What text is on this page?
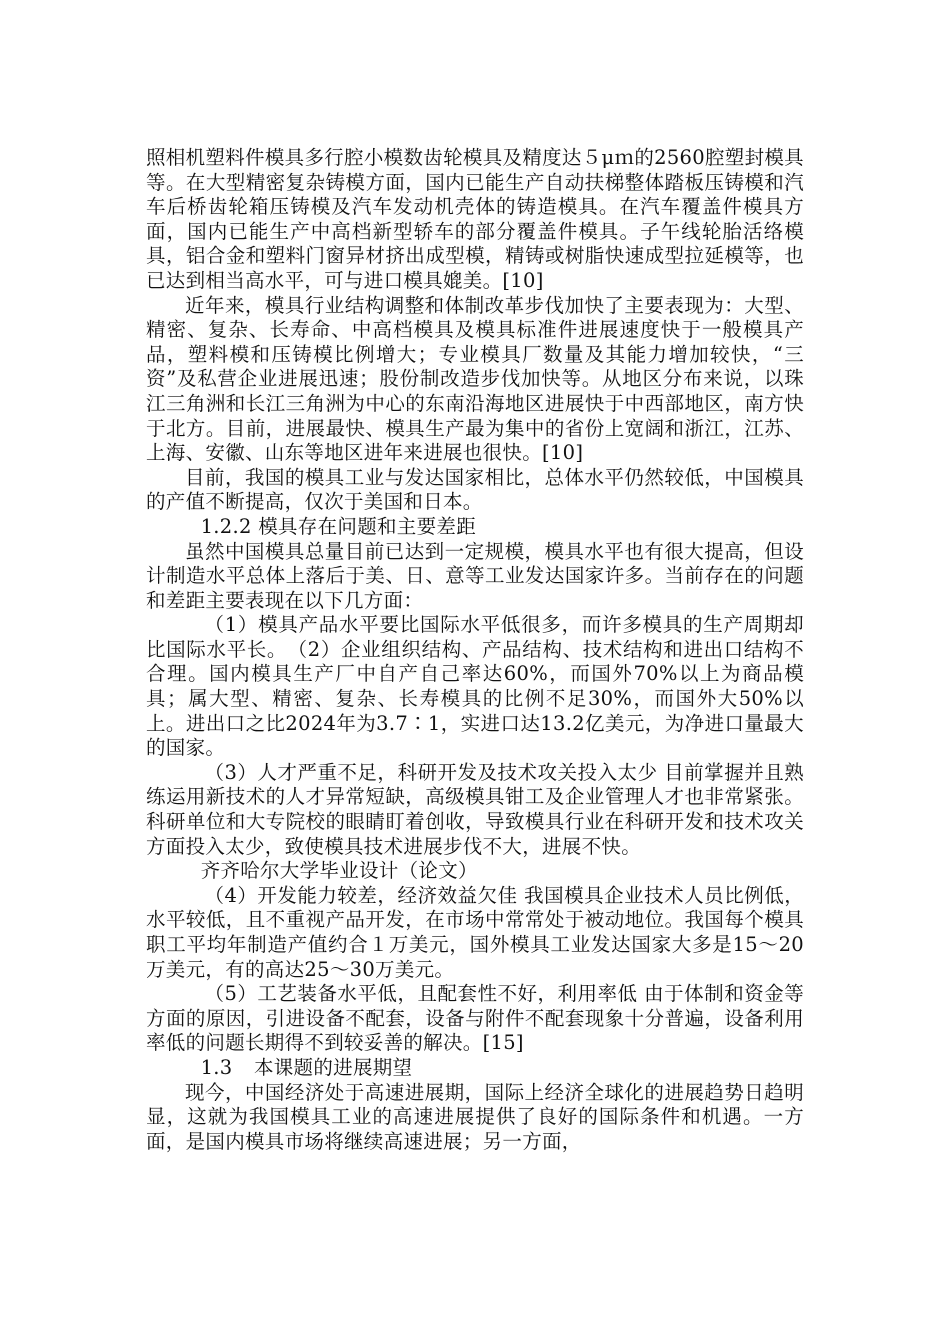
照相机塑料件模具多行腔小模数齿轮模具及精度达５μｍ的2560腔塑封模具等。在大型精密复杂铸模方面，国内已能生产自动扶梯整体踏板压铸模和汽车后桥齿轮箱压铸模及汽车发动机壳体的铸造模具。在汽车覆盖件模具方面，国内已能生产中高档新型轿车的部分覆盖件模具。子午线轮胎活络模具，铝合金和塑料门窗异材挤出成型模，精铸或树脂快速成型拉延模等，也已达到相当高水平，可与进口模具媲美。[10]

近年来，模具行业结构调整和体制改革步伐加快了主要表现为：大型、精密、复杂、长寿命、中高档模具及模具标准件进展速度快于一般模具产品，塑料模和压铸模比例增大；专业模具厂数量及其能力增加较快，“三资”及私营企业进展迅速；股份制改造步伐加快等。从地区分布来说，以珠江三角洲和长江三角洲为中心的东南沿海地区进展快于中西部地区，南方快于北方。目前，进展最快、模具生产最为集中的省份上宽阔和浙江，江苏、上海、安徽、山东等地区进年来进展也很快。[10]

目前，我国的模具工业与发达国家相比，总体水平仍然较低，中国模具的产值不断提高，仅次于美国和日本。

1.2.2 模具存在问题和主要差距

虽然中国模具总量目前已达到一定规模，模具水平也有很大提高，但设计制造水平总体上落后于美、日、意等工业发达国家许多。当前存在的问题和差距主要表现在以下几方面：

（1）模具产品水平要比国际水平低很多，而许多模具的生产周期却比国际水平长。　（2）企业组织结构、产品结构、技术结构和进出口结构不合理。国内模具生产厂中自产自己率达60%，而国外70%以上为商品模具；属大型、精密、复杂、长寿模具的比例不足30%，而国外大50%以上。进出口之比2024年为3.7∶1，实进口达13.2亿美元，为净进口量最大的国家。

（3）人才严重不足，科研开发及技术攻关投入太少 目前掌握并且熟练运用新技术的人才异常短缺，高级模具钳工及企业管理人才也非常紧张。科研单位和大专院校的眼睛盯着创收，导致模具行业在科研开发和技术攻关方面投入太少，致使模具技术进展步伐不大，进展不快。

齐齐哈尔大学毕业设计（论文）

（4）开发能力较差，经济效益欠佳 我国模具企业技术人员比例低，水平较低，且不重视产品开发，在市场中常常处于被动地位。我国每个模具职工平均年制造产值约合１万美元，国外模具工业发达国家大多是15～20万美元，有的高达25～30万美元。

（5）工艺装备水平低，且配套性不好，利用率低 由于体制和资金等方面的原因，引进设备不配套，设备与附件不配套现象十分普遍，设备利用率低的问题长期得不到较妥善的解决。[15]

1.3 本课题的进展期望

现今，中国经济处于高速进展期，国际上经济全球化的进展趋势日趋明显，这就为我国模具工业的高速进展提供了良好的国际条件和机遇。一方面，是国内模具市场将继续高速进展；另一方面，
